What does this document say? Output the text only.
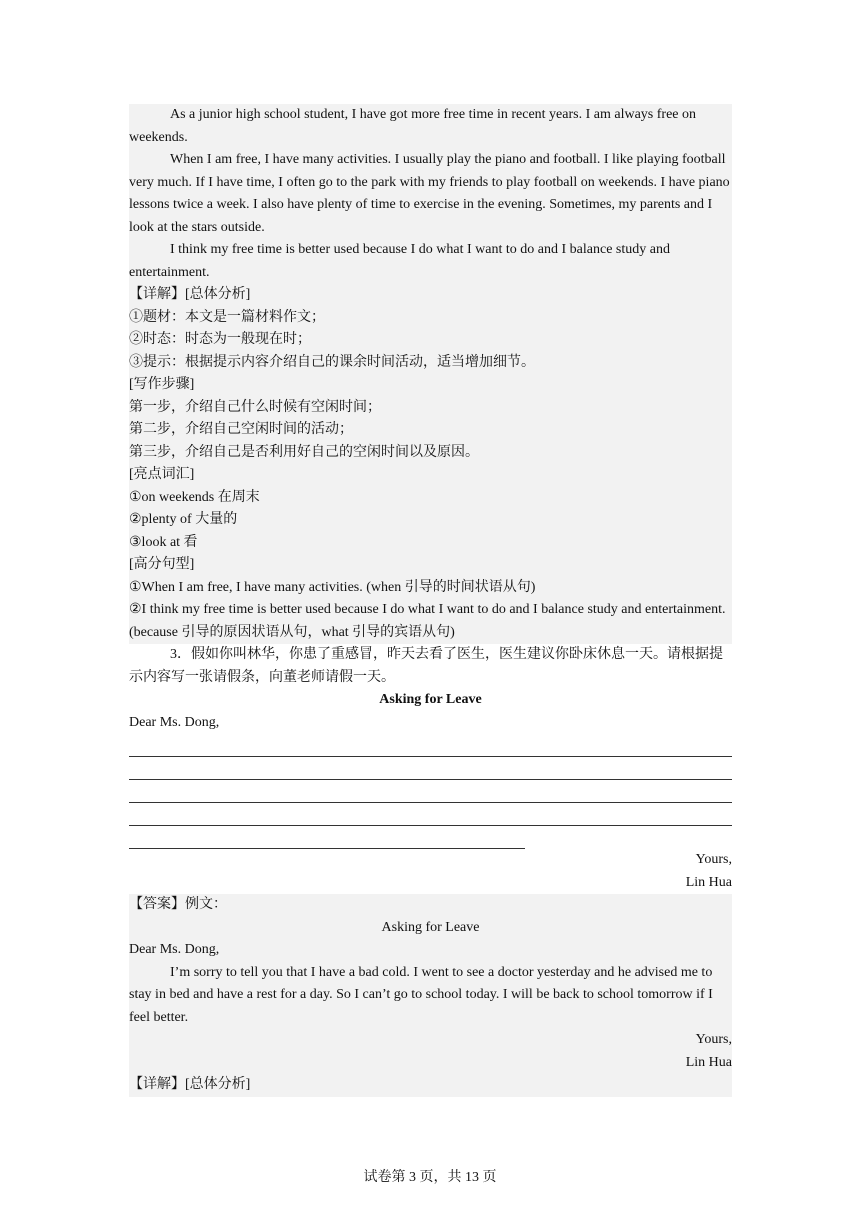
As a junior high school student, I have got more free time in recent years. I am always free on weekends.

When I am free, I have many activities. I usually play the piano and football. I like playing football very much. If I have time, I often go to the park with my friends to play football on weekends. I have piano lessons twice a week. I also have plenty of time to exercise in the evening. Sometimes, my parents and I look at the stars outside.

I think my free time is better used because I do what I want to do and I balance study and entertainment.

【详解】[总体分析]

①题材：本文是一篇材料作文；

②时态：时态为一般现在时；

③提示：根据提示内容介绍自己的课余时间活动，适当增加细节。

[写作步骤]

第一步，介绍自己什么时候有空闲时间；

第二步，介绍自己空闲时间的活动；

第三步，介绍自己是否利用好自己的空闲时间以及原因。

[亮点词汇]

①on weekends 在周末

②plenty of 大量的

③look at 看

[高分句型]

①When I am free, I have many activities. (when 引导的时间状语从句)

②I think my free time is better used because I do what I want to do and I balance study and entertainment. (because 引导的原因状语从句，what 引导的宾语从句)

3．假如你叫林华，你患了重感冒，昨天去看了医生，医生建议你卧床休息一天。请根据提示内容写一张请假条，向董老师请假一天。

Asking for Leave

Dear Ms. Dong,

Yours,

Lin Hua

【答案】例文：

Asking for Leave

Dear Ms. Dong,

I’m sorry to tell you that I have a bad cold. I went to see a doctor yesterday and he advised me to stay in bed and have a rest for a day. So I can’t go to school today. I will be back to school tomorrow if I feel better.

Yours,

Lin Hua

【详解】[总体分析]

试卷第 3 页，共 13 页
